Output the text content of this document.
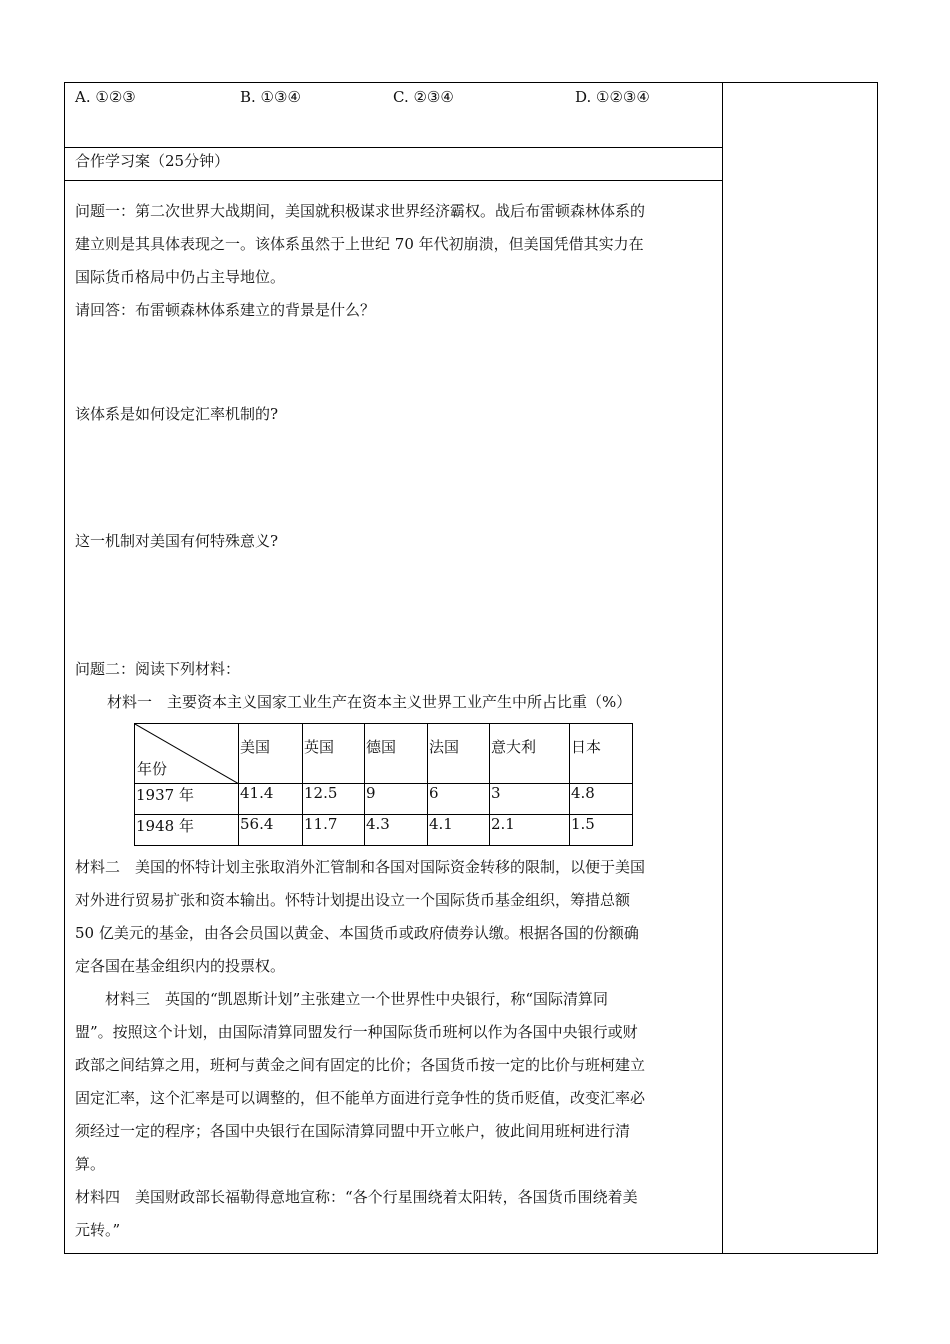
A. ①②③	B. ①③④	C. ②③④	D. ①②③④
合作学习案（25分钟）
问题一：第二次世界大战期间，美国就积极谋求世界经济霸权。战后布雷顿森林体系的
建立则是其具体表现之一。该体系虽然于上世纪 70 年代初崩溃，但美国凭借其实力在
国际货币格局中仍占主导地位。
请回答：布雷顿森林体系建立的背景是什么？
该体系是如何设定汇率机制的?
这一机制对美国有何特殊意义?
问题二：阅读下列材料：
材料一　主要资本主义国家工业生产在资本主义世界工业产生中所占比重（%）
年份	美国	英国	德国	法国	意大利	日本
1937 年	41.4	12.5	9	6	3	4.8
1948 年	56.4	11.7	4.3	4.1	2.1	1.5
材料二　美国的怀特计划主张取消外汇管制和各国对国际资金转移的限制，以便于美国
对外进行贸易扩张和资本输出。怀特计划提出设立一个国际货币基金组织，筹措总额
50 亿美元的基金，由各会员国以黄金、本国货币或政府债券认缴。根据各国的份额确
定各国在基金组织内的投票权。
材料三　英国的“凯恩斯计划”主张建立一个世界性中央银行，称“国际清算同
盟”。按照这个计划，由国际清算同盟发行一种国际货币班柯以作为各国中央银行或财
政部之间结算之用，班柯与黄金之间有固定的比价；各国货币按一定的比价与班柯建立
固定汇率，这个汇率是可以调整的，但不能单方面进行竞争性的货币贬值，改变汇率必
须经过一定的程序；各国中央银行在国际清算同盟中开立帐户，彼此间用班柯进行清
算。
材料四　美国财政部长福勒得意地宣称：“各个行星围绕着太阳转，各国货币围绕着美
元转。”
